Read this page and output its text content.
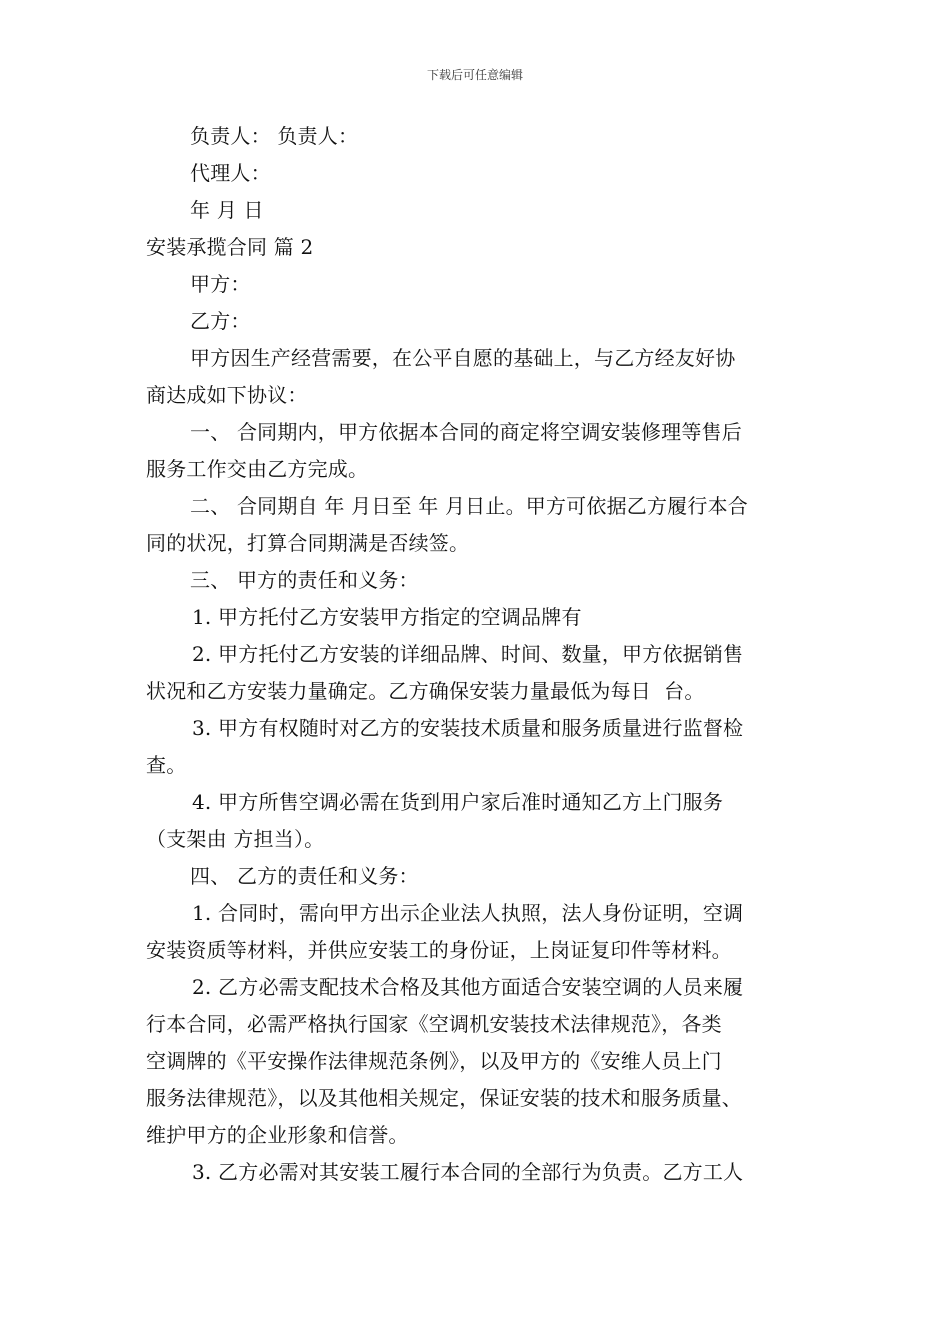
下载后可任意编辑
负责人： 负责人：
代理人：
年 月 日
安装承揽合同 篇 2
甲方：
乙方：
甲方因生产经营需要，在公平自愿的基础上，与乙方经友好协
商达成如下协议：
一、 合同期内，甲方依据本合同的商定将空调安装修理等售后
服务工作交由乙方完成。
二、 合同期自 年 月日至 年 月日止。甲方可依据乙方履行本合
同的状况，打算合同期满是否续签。
三、 甲方的责任和义务：
1. 甲方托付乙方安装甲方指定的空调品牌有
2. 甲方托付乙方安装的详细品牌、时间、数量，甲方依据销售
状况和乙方安装力量确定。乙方确保安装力量最低为每日  台。
3. 甲方有权随时对乙方的安装技术质量和服务质量进行监督检
查。
4. 甲方所售空调必需在货到用户家后准时通知乙方上门服务
（支架由 方担当）。
四、 乙方的责任和义务：
1. 合同时，需向甲方出示企业法人执照，法人身份证明，空调
安装资质等材料，并供应安装工的身份证，上岗证复印件等材料。
2. 乙方必需支配技术合格及其他方面适合安装空调的人员来履
行本合同，必需严格执行国家《空调机安装技术法律规范》，各类
空调牌的《平安操作法律规范条例》，以及甲方的《安维人员上门
服务法律规范》，以及其他相关规定，保证安装的技术和服务质量、
维护甲方的企业形象和信誉。
3. 乙方必需对其安装工履行本合同的全部行为负责。乙方工人
